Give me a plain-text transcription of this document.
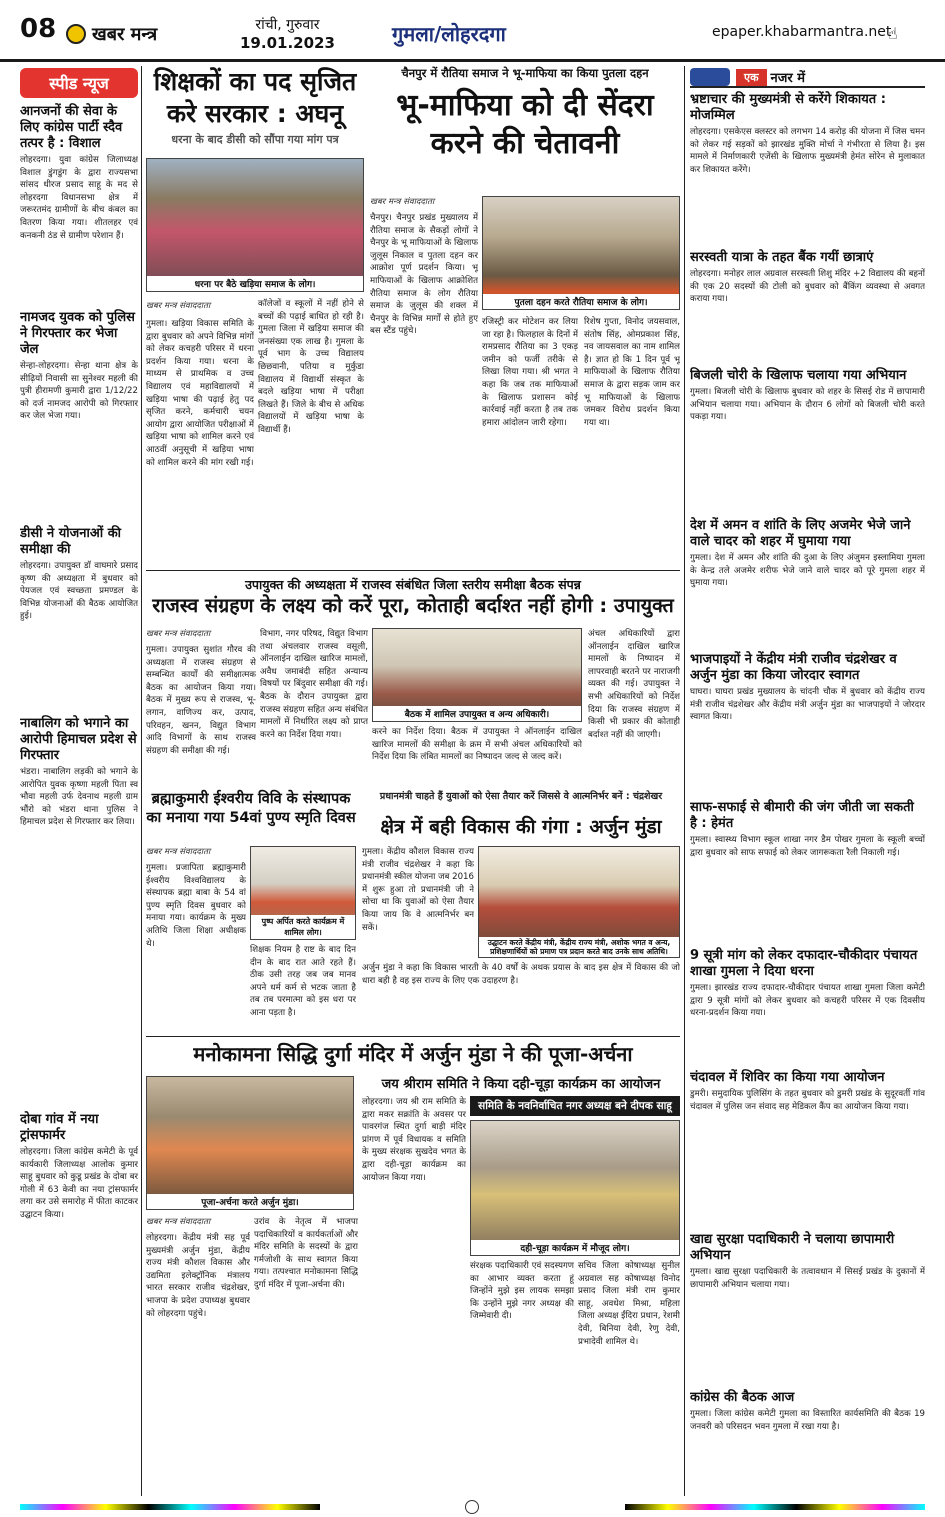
08 खबर मन्त्र	रांची, गुरुवार
19.01.2023	गुमला/लोहरदगा	epaper.khabarmantra.net
☝
स्पीड न्यूज
आनजनों की सेवा के लिए कांग्रेस पार्टी स्दैव तत्पर है : विशाल
लोहरदगा। युवा कांग्रेस जिलाध्यक्ष विशाल डुंगडुंग के द्वारा राज्यसभा सांसद धीरज प्रसाद साहू के मद से लोहरदगा विधानसभा क्षेत्र में जरूरतमंद ग्रामीणों के बीच कंबल का वितरण किया गया। शीतलहर एवं कनकनी ठंड से ग्रामीण परेशान हैं।
नामजद युवक को पुलिस ने गिरफ्तार कर भेजा जेल
सेन्हा-लोहरदगा। सेन्हा थाना क्षेत्र के सीढ़ियों निवासी सा सुनेश्वर महली की पुत्री हीरामणी कुमारी द्वारा 1/12/22 को दर्ज नामजद आरोपी को गिरफ्तार कर जेल भेजा गया।
डीसी ने योजनाओं की समीक्षा की
लोहरदगा। उपायुक्त डॉ वाघमारे प्रसाद कृष्ण की अध्यक्षता में बुधवार को पेयजल एवं स्वच्छता प्रमण्डल के विभिन्न योजनाओं की बैठक आयोजित हुई।
नाबालिग को भगाने का आरोपी हिमाचल प्रदेश से गिरफ्तार
भंडरा। नाबालिग लड़की को भगाने के आरोपित युवक कृष्णा महली पिता स्व भौवा महली उर्फ देवनाथ महली ग्राम भौंरो को भंडरा थाना पुलिस ने हिमाचल प्रदेश से गिरफ्तार कर लिया।
दोबा गांव में नया ट्रांसफार्मर
लोहरदगा। जिला कांग्रेस कमेटी के पूर्व कार्यकारी जिलाध्यक्ष आलोक कुमार साहू बुधवार को कुडू प्रखंड के दोबा बर गोली में 63 केवी का नया ट्रांसफार्मर लगा कर उसे समारोह में फीता काटकर उद्घाटन किया।
शिक्षकों का पद सृजित करे सरकार : अघनू
धरना के बाद डीसी को सौंपा गया मांग पत्र
धरना पर बैठे खड़िया समाज के लोग।
खबर मन्त्र संवाददाता
गुमला। खड़िया विकास समिति के द्वारा बुधवार को अपने विभिन्न मांगों को लेकर कचहरी परिसर में धरना प्रदर्शन किया गया। धरना के माध्यम से प्राथमिक व उच्च विद्यालय एवं महाविद्यालयों में खड़िया भाषा की पढ़ाई हेतु पद सृजित करने, कर्मचारी चयन आयोग द्वारा आयोजित परीक्षाओं में खड़िया भाषा को शामिल करने एवं आठवीं अनुसूची में खड़िया भाषा को शामिल करने की मांग रखी गई।
कॉलेजों व स्कूलों में नहीं होने से बच्चों की पढ़ाई बाधित हो रही है। गुमला जिला में खड़िया समाज की जनसंख्या एक लाख है। गुमला के पूर्व भाग के उच्च विद्यालय छिछवानी, पतिया व मुर्कुंडा विद्यालय में विद्यार्थी संस्कृत के बदले खड़िया भाषा में परीक्षा लिखते हैं। जिले के बीच से अधिक विद्यालयों में खड़िया भाषा के विद्यार्थी हैं।
चैनपुर में रौतिया समाज ने भू-माफिया का किया पुतला दहन
भू-माफिया को दी सेंदरा
करने की चेतावनी
खबर मन्त्र संवाददाता
चैनपुर। चैनपुर प्रखंड मुख्यालय में रौतिया समाज के सैकड़ों लोगों ने चैनपुर के भू माफियाओं के खिलाफ जुलूस निकाल व पुतला दहन कर आक्रोश पूर्ण प्रदर्शन किया। भू माफियाओं के खिलाफ आक्रोशित रौतिया समाज के लोग रौतिया समाज के जुलूस की शक्ल में चैनपुर के विभिन्न मार्गों से होते हुए बस स्टैंड पहुंचे।
पुतला दहन करते रौतिया समाज के लोग।
रजिस्ट्री कर मोटेशन कर लिया जा रहा है। फिलहाल के दिनों में रामप्रसाद रौतिया का 3 एकड़ जमीन को फर्जी तरीके से लिखा लिया गया। श्री भगत ने कहा कि जब तक माफियाओं के खिलाफ प्रशासन कोई कार्रवाई नहीं करता है तब तक हमारा आंदोलन जारी रहेगा।
रिशेष गुप्ता, विनोद जयसवाल, संतोष सिंह, ओमप्रकाश सिंह, नव जायसवाल का नाम शामिल है। ज्ञात हो कि 1 दिन पूर्व भू माफियाओं के खिलाफ रौतिया समाज के द्वारा सड़क जाम कर भू माफियाओं के खिलाफ जमकर विरोध प्रदर्शन किया गया था।
उपायुक्त की अध्यक्षता में राजस्व संबंधित जिला स्तरीय समीक्षा बैठक संपन्न
राजस्व संग्रहण के लक्ष्य को करें पूरा, कोताही बर्दाश्त नहीं होगी : उपायुक्त
खबर मन्त्र संवाददाता
गुमला। उपायुक्त सुशांत गौरव की अध्यक्षता में राजस्व संग्रहण से सम्बन्धित कार्यों की समीक्षात्मक बैठक का आयोजन किया गया। बैठक में मुख्य रूप से राजस्व, भू-लगान, वाणिज्य कर, उत्पाद, परिवहन, खनन, विद्युत विभाग आदि विभागों के साथ राजस्व संग्रहण की समीक्षा की गई।
विभाग, नगर परिषद, विद्युत विभाग तथा अंचलवार राजस्व वसूली, ऑनलाईन दाखिल खारिज मामलों, अवैध जमाबंदी सहित अन्यान्य विषयों पर बिंदुवार समीक्षा की गई। बैठक के दौरान उपायुक्त द्वारा राजस्व संग्रहण सहित अन्य संबंधित मामलों में निर्धारित लक्ष्य को प्राप्त करने का निर्देश दिया गया।
बैठक में शामिल उपायुक्त व अन्य अधिकारी।
करने का निर्देश दिया। बैठक में उपायुक्त ने ऑनलाईन दाखिल खारिज मामलों की समीक्षा के क्रम में सभी अंचल अधिकारियों को निर्देश दिया कि लंबित मामलों का निष्पादन जल्द से जल्द करें।
अंचल अधिकारियों द्वारा ऑनलाईन दाखिल खारिज मामलों के निष्पादन में लापरवाही बरतने पर नाराजगी व्यक्त की गई। उपायुक्त ने सभी अधिकारियों को निर्देश दिया कि राजस्व संग्रहण में किसी भी प्रकार की कोताही बर्दाश्त नहीं की जाएगी।
ब्रह्माकुमारी ईश्वरीय विवि के संस्थापक का मनाया गया 54वां पुण्य स्मृति दिवस
खबर मन्त्र संवाददाता
गुमला। प्रजापिता ब्रह्माकुमारी ईश्वरीय विश्वविद्यालय के संस्थापक ब्रह्मा बाबा के 54 वां पुण्य स्मृति दिवस बुधवार को मनाया गया। कार्यक्रम के मुख्य अतिथि जिला शिक्षा अधीक्षक थे।
पुष्प अर्पित करते कार्यक्रम में शामिल लोग।
शिक्षक नियम है राष्ट के बाद दिन दीन के बाद रात आते रहते हैं। ठीक उसी तरह जब जब मानव अपने धर्म कर्म से भटक जाता है तब तब परमात्मा को इस धरा पर आना पड़ता है।
प्रधानमंत्री चाहते हैं युवाओं को ऐसा तैयार करें जिससे वे आत्मनिर्भर बनें : चंद्रशेखर
क्षेत्र में बही विकास की गंगा : अर्जुन मुंडा
गुमला। केंद्रीय कौशल विकास राज्य मंत्री राजीव चंद्रशेखर ने कहा कि प्रधानमंत्री स्कील योजना जब 2016 में शुरू हुआ तो प्रधानमंत्री जी ने सोचा था कि युवाओं को ऐसा तैयार किया जाय कि वे आत्मनिर्भर बन सकें।
उद्घाटन करते केंद्रीय मंत्री, केंद्रीय राज्य मंत्री, अशोक भगत व अन्य, प्रशिक्षणार्थियों को प्रमाण पत्र प्रदान करते बाद उनके साथ अतिथि।
अर्जुन मुंडा ने कहा कि विकास भारती के 40 वर्षों के अथक प्रयास के बाद इस क्षेत्र में विकास की जो धारा बही है वह इस राज्य के लिए एक उदाहरण है।
मनोकामना सिद्धि दुर्गा मंदिर में अर्जुन मुंडा ने की पूजा-अर्चना
पूजा-अर्चना करते अर्जुन मुंडा।
खबर मन्त्र संवाददाता
लोहरदगा। केंद्रीय मंत्री सह पूर्व मुख्यमंत्री अर्जुन मुंडा, केंद्रीय राज्य मंत्री कौशल विकास और उद्यमिता इलेक्ट्रॉनिक मंत्रालय भारत सरकार राजीव चंद्रशेखर, भाजपा के प्रदेश उपाध्यक्ष बुधवार को लोहरदगा पहुंचे।
उरांव के नेतृत्व में भाजपा पदाधिकारियों व कार्यकर्ताओं और मंदिर समिति के सदस्यों के द्वारा गर्मजोशी के साथ स्वागत किया गया। तत्पश्चात मनोकामना सिद्धि दुर्गा मंदिर में पूजा-अर्चना की।
जय श्रीराम समिति ने किया दही-चूड़ा कार्यक्रम का आयोजन
लोहरदगा। जय श्री राम समिति के द्वारा मकर सक्रांति के अवसर पर पावरगंज स्थित दुर्गा बाड़ी मंदिर प्रांगण में पूर्व विधायक व समिति के मुख्य संरक्षक सुखदेव भगत के द्वारा दही-चूड़ा कार्यक्रम का आयोजन किया गया।
समिति के नवनिर्वाचित नगर अध्यक्ष बने दीपक साहू
दही-चूड़ा कार्यक्रम में मौजूद लोग।
संरक्षक पदाधिकारी एवं सदस्यगण का आभार व्यक्त करता हूं जिन्होंने मुझे इस लायक समझा कि उन्होंने मुझे नगर अध्यक्ष की जिम्मेवारी दी।
सचिव जिला कोषाध्यक्ष सुनील अग्रवाल सह कोषाध्यक्ष विनोद प्रसाद जिला मंत्री राम कुमार साहू, अवधेश मिश्रा, महिला जिला अध्यक्ष ईंदिरा प्रधान, रेशमी देवी, बिनिया देवी, रेणु देवी, प्रभादेवी शामिल थे।
एक नजर में
भ्रष्टाचार की मुख्यमंत्री से करेंगे शिकायत : मोजम्मिल
लोहरदगा। एसकेएस क्लस्टर को लगभग 14 करोड़ की योजना में जिस चमन को लेकर गई सड़कों को झारखंड मुक्ति मोर्चा ने गंभीरता से लिया है। इस मामले में निर्माणकारी एजेंसी के खिलाफ मुख्यमंत्री हेमंत सोरेन से मुलाकात कर शिकायत करेंगे।
सरस्वती यात्रा के तहत बैंक गयीं छात्राएं
लोहरदगा। मनोहर लाल अग्रवाल सरस्वती शिशु मंदिर +2 विद्यालय की बहनों की एक 20 सदस्यों की टोली को बुधवार को बैंकिंग व्यवस्था से अवगत कराया गया।
बिजली चोरी के खिलाफ चलाया गया अभियान
गुमला। बिजली चोरी के खिलाफ बुधवार को शहर के सिसई रोड में छापामारी अभियान चलाया गया। अभियान के दौरान 6 लोगों को बिजली चोरी करते पकड़ा गया।
देश में अमन व शांति के लिए अजमेर भेजे जाने वाले चादर को शहर में घुमाया गया
गुमला। देश में अमन और शांति की दुआ के लिए अंजुमन इस्लामिया गुमला के केन्द्र तले अजमेर शरीफ भेजे जाने वाले चादर को पूरे गुमला शहर में घुमाया गया।
भाजपाइयों ने केंद्रीय मंत्री राजीव चंद्रशेखर व अर्जुन मुंडा का किया जोरदार स्वागत
घाघरा। घाघरा प्रखंड मुख्यालय के चांदनी चौक में बुधवार को केंद्रीय राज्य मंत्री राजीव चंद्रशेखर और केंद्रीय मंत्री अर्जुन मुंडा का भाजपाइयों ने जोरदार स्वागत किया।
साफ-सफाई से बीमारी की जंग जीती जा सकती है : हेमंत
गुमला। स्वास्थ्य विभाग स्कूल शाखा नगर डैम पोखर गुमला के स्कूली बच्चों द्वारा बुधवार को साफ सफाई को लेकर जागरूकता रैली निकाली गई।
9 सूत्री मांग को लेकर दफादार-चौकीदार पंचायत शाखा गुमला ने दिया धरना
गुमला। झारखंड राज्य दफादार-चौकीदार पंचायत शाखा गुमला जिला कमेटी द्वारा 9 सूत्री मांगों को लेकर बुधवार को कचहरी परिसर में एक दिवसीय धरना-प्रदर्शन किया गया।
चंदावल में शिविर का किया गया आयोजन
डुमरी। समुदायिक पुलिसिंग के तहत बुधवार को डुमरी प्रखंड के सुदूरवर्ती गांव चंदावल में पुलिस जन संवाद सह मेडिकल कैंप का आयोजन किया गया।
खाद्य सुरक्षा पदाधिकारी ने चलाया छापामारी अभियान
गुमला। खाद्य सुरक्षा पदाधिकारी के तत्वावधान में सिसई प्रखंड के दुकानों में छापामारी अभियान चलाया गया।
कांग्रेस की बैठक आज
गुमला। जिला कांग्रेस कमेटी गुमला का विस्तारित कार्यसमिति की बैठक 19 जनवरी को परिसदन भवन गुमला में रखा गया है।
